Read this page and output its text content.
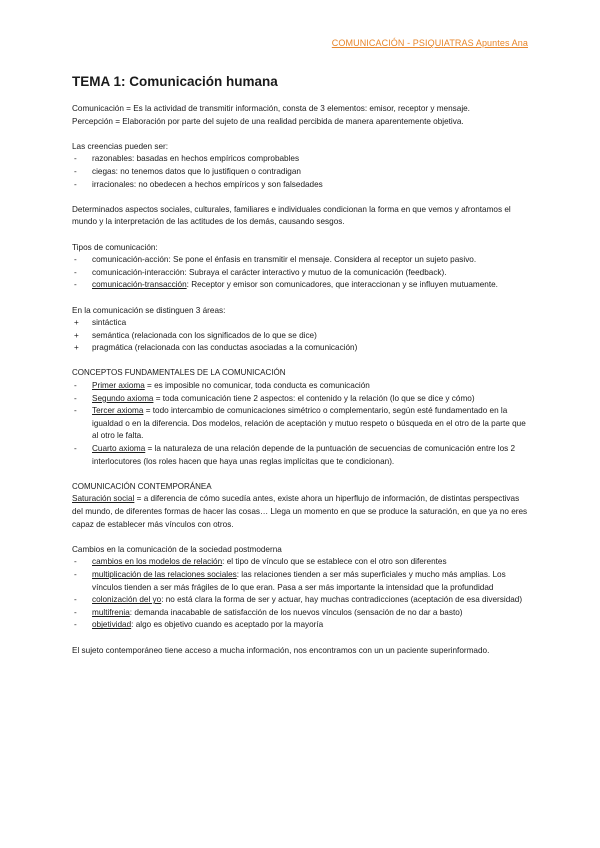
COMUNICACIÓN - PSIQUIATRAS Apuntes Ana
TEMA 1: Comunicación humana

Comunicación = Es la actividad de transmitir información, consta de 3 elementos: emisor, receptor y mensaje.

Percepción = Elaboración por parte del sujeto de una realidad percibida de manera aparentemente objetiva.

Las creencias pueden ser:

- razonables: basadas en hechos empíricos comprobables
- ciegas: no tenemos datos que lo justifiquen o contradigan
- irracionales: no obedecen a hechos empíricos y son falsedades

Determinados aspectos sociales, culturales, familiares e individuales condicionan la forma en que vemos y afrontamos el mundo y la interpretación de las actitudes de los demás, causando sesgos.

Tipos de comunicación:

- comunicación-acción: Se pone el énfasis en transmitir el mensaje. Considera al receptor un sujeto pasivo.
- comunicación-interacción: Subraya el carácter interactivo y mutuo de la comunicación (feedback).
- comunicación-transacción: Receptor y emisor son comunicadores, que interaccionan y se influyen mutuamente.

En la comunicación se distinguen 3 áreas:

+ sintáctica
+ semántica (relacionada con los significados de lo que se dice)
+ pragmática (relacionada con las conductas asociadas a la comunicación)

CONCEPTOS FUNDAMENTALES DE LA COMUNICACIÓN

- Primer axioma = es imposible no comunicar, toda conducta es comunicación
- Segundo axioma = toda comunicación tiene 2 aspectos: el contenido y la relación (lo que se dice y cómo)
- Tercer axioma = todo intercambio de comunicaciones simétrico o complementario, según esté fundamentado en la igualdad o en la diferencia. Dos modelos, relación de aceptación y mutuo respeto o búsqueda en el otro de la parte que al otro le falta.
- Cuarto axioma = la naturaleza de una relación depende de la puntuación de secuencias de comunicación entre los 2 interlocutores (los roles hacen que haya unas reglas implícitas que te condicionan).

COMUNICACIÓN CONTEMPORÁNEA

Saturación social = a diferencia de cómo sucedía antes, existe ahora un hiperflujo de información, de distintas perspectivas del mundo, de diferentes formas de hacer las cosas… Llega un momento en que se produce la saturación, en que ya no eres capaz de establecer más vínculos con otros.

Cambios en la comunicación de la sociedad postmoderna

- cambios en los modelos de relación: el tipo de vínculo que se establece con el otro son diferentes
- multiplicación de las relaciones sociales: las relaciones tienden a ser más superficiales y mucho más amplias. Los vínculos tienden a ser más frágiles de lo que eran. Pasa a ser más importante la intensidad que la profundidad
- colonización del yo: no está clara la forma de ser y actuar, hay muchas contradicciones (aceptación de esa diversidad)
- multifrenia: demanda inacabable de satisfacción de los nuevos vínculos (sensación de no dar a basto)
- objetividad: algo es objetivo cuando es aceptado por la mayoría

El sujeto contemporáneo tiene acceso a mucha información, nos encontramos con un un paciente superinformado.
